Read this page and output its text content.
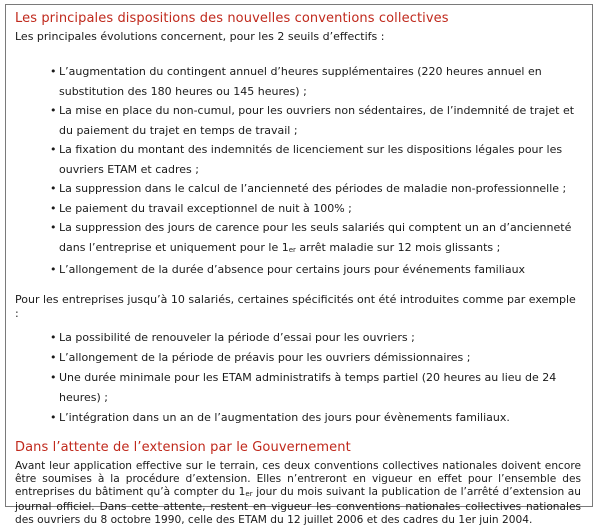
Les principales dispositions des nouvelles conventions collectives

Les principales évolutions concernent, pour les 2 seuils d’effectifs :

• L’augmentation du contingent annuel d’heures supplémentaires (220 heures annuel en substitution des 180 heures ou 145 heures) ;
• La mise en place du non-cumul, pour les ouvriers non sédentaires, de l’indemnité de trajet et du paiement du trajet en temps de travail ;
• La fixation du montant des indemnités de licenciement sur les dispositions légales pour les ouvriers ETAM et cadres ;
• La suppression dans le calcul de l’ancienneté des périodes de maladie non-professionnelle ;
• Le paiement du travail exceptionnel de nuit à 100% ;
• La suppression des jours de carence pour les seuls salariés qui comptent un an d’ancienneté dans l’entreprise et uniquement pour le 1er arrêt maladie sur 12 mois glissants ;
• L’allongement de la durée d’absence pour certains jours pour événements familiaux

Pour les entreprises jusqu’à 10 salariés, certaines spécificités ont été introduites comme par exemple :

• La possibilité de renouveler la période d’essai pour les ouvriers ;
• L’allongement de la période de préavis pour les ouvriers démissionnaires ;
• Une durée minimale pour les ETAM administratifs à temps partiel (20 heures au lieu de 24 heures) ;
• L’intégration dans un an de l’augmentation des jours pour évènements familiaux.
Dans l’attente de l’extension par le Gouvernement

Avant leur application effective sur le terrain, ces deux conventions collectives nationales doivent encore être soumises à la procédure d’extension. Elles n’entreront en vigueur en effet pour l’ensemble des entreprises du bâtiment qu’à compter du 1er jour du mois suivant la publication de l’arrêté d’extension au journal officiel. Dans cette attente, restent en vigueur les conventions nationales collectives nationales des ouvriers du 8 octobre 1990, celle des ETAM du 12 juillet 2006 et des cadres du 1er juin 2004.
